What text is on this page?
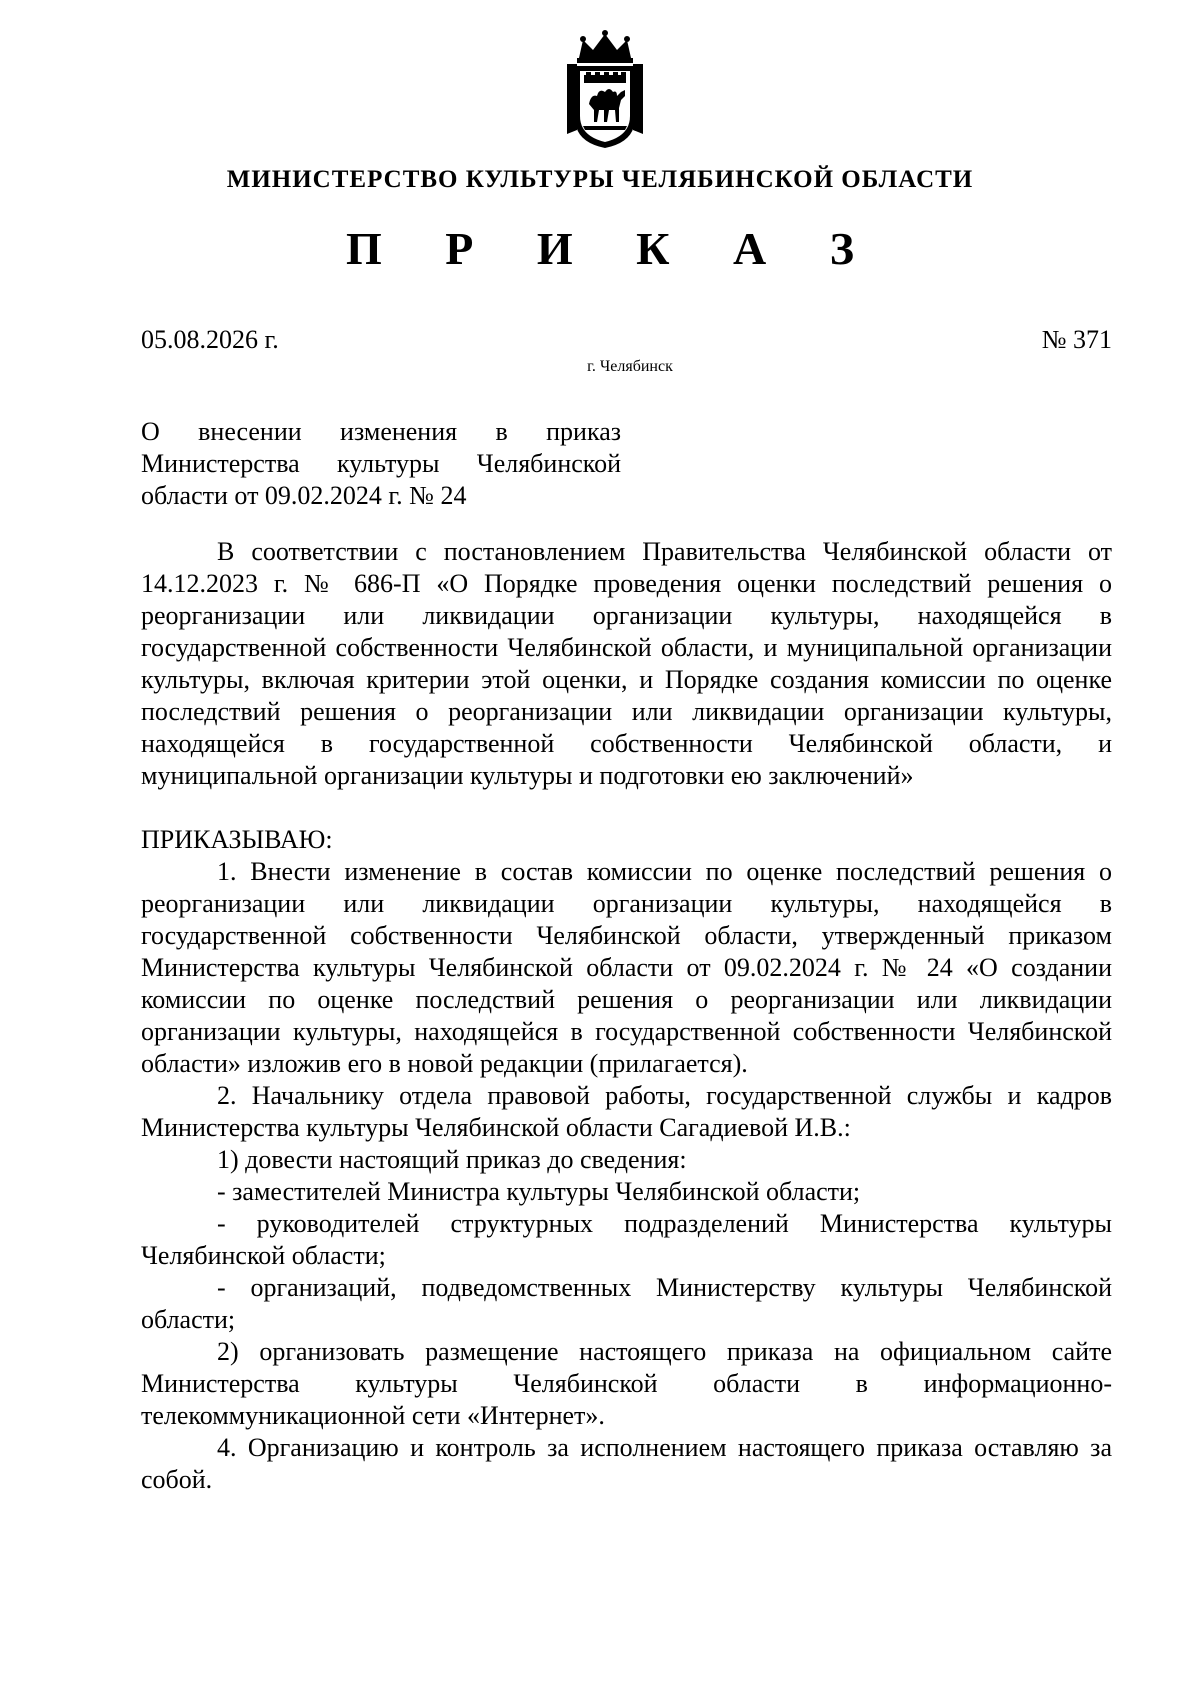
МИНИСТЕРСТВО КУЛЬТУРЫ ЧЕЛЯБИНСКОЙ ОБЛАСТИ
П Р И К А З
05.08.2026 г.	№ 371
г. Челябинск
О внесении изменения в приказ
Министерства культуры Челябинской
области от 09.02.2024 г. № 24

В соответствии с постановлением Правительства Челябинской области от 14.12.2023 г. № 686-П «О Порядке проведения оценки последствий решения о реорганизации или ликвидации организации культуры, находящейся в государственной собственности Челябинской области, и муниципальной организации культуры, включая критерии этой оценки, и Порядке создания комиссии по оценке последствий решения о реорганизации или ликвидации организации культуры, находящейся в государственной собственности Челябинской области, и муниципальной организации культуры и подготовки ею заключений»

ПРИКАЗЫВАЮ:

1. Внести изменение в состав комиссии по оценке последствий решения о реорганизации или ликвидации организации культуры, находящейся в государственной собственности Челябинской области, утвержденный приказом Министерства культуры Челябинской области от 09.02.2024 г. № 24 «О создании комиссии по оценке последствий решения о реорганизации или ликвидации организации культуры, находящейся в государственной собственности Челябинской области» изложив его в новой редакции (прилагается).

2. Начальнику отдела правовой работы, государственной службы и кадров Министерства культуры Челябинской области Сагадиевой И.В.:

1) довести настоящий приказ до сведения:

- заместителей Министра культуры Челябинской области;

- руководителей структурных подразделений Министерства культуры Челябинской области;

- организаций, подведомственных Министерству культуры Челябинской области;

2) организовать размещение настоящего приказа на официальном сайте Министерства культуры Челябинской области в информационно-телекоммуникационной сети «Интернет».

4. Организацию и контроль за исполнением настоящего приказа оставляю за собой.
